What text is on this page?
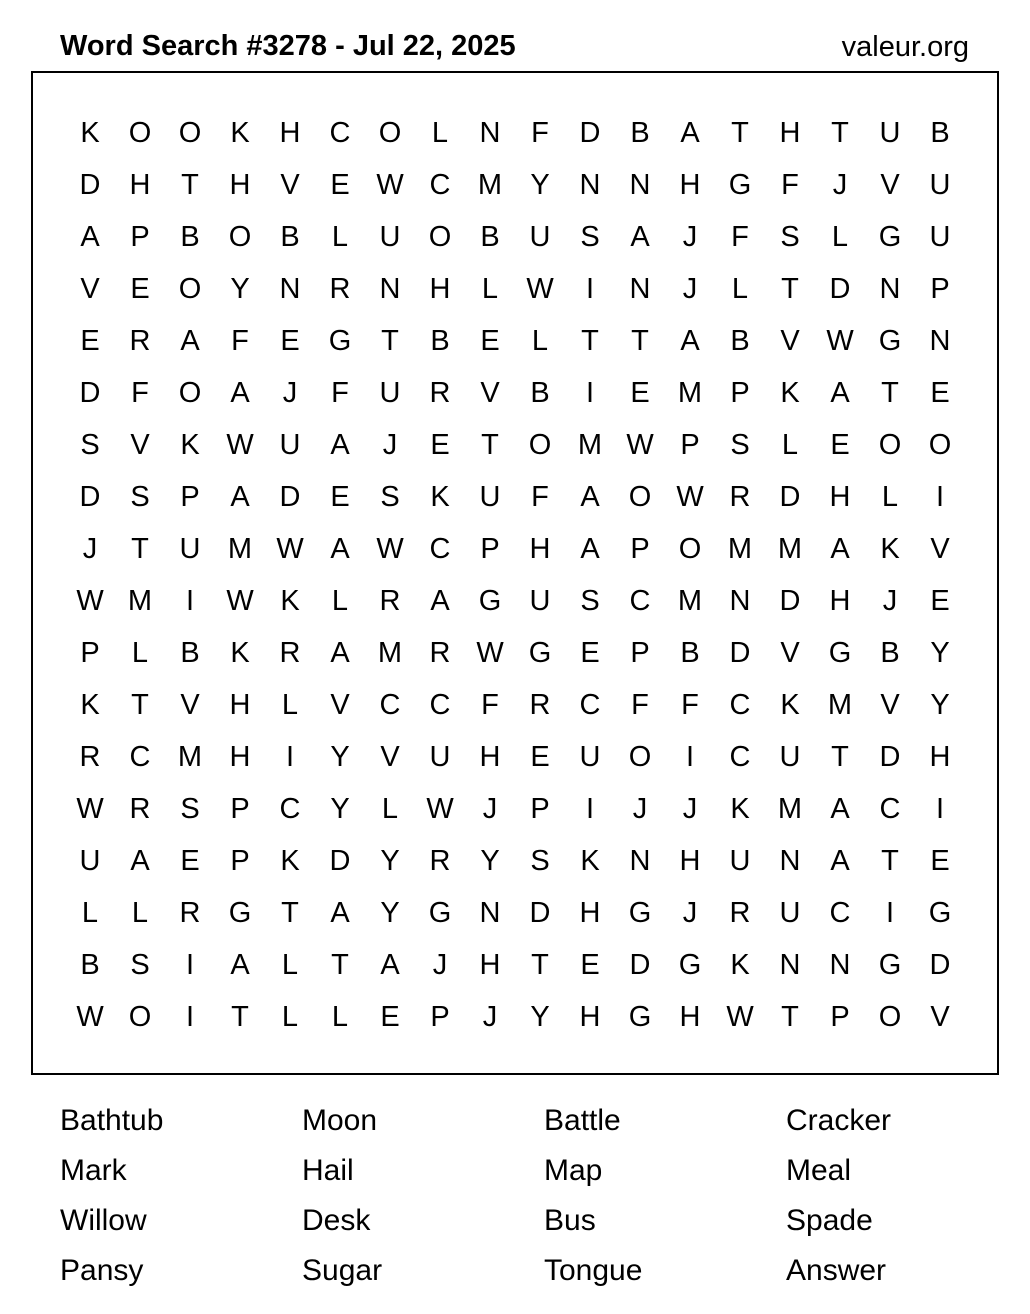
Word Search #3278 - Jul 22, 2025	valeur.org
K	O O	K	H	C O	L	N	F	D	B	A	T	H	T	U	B
D	H	T	H	V	E W C M Y	N	N	H G	F	J	V	U
A	P	B	O	B	L	U O	B	U	S	A	J	F	S	L	G U
V	E	O	Y	N	R	N	H	L W	I	N	J	L	T	D	N	P
E	R	A	F	E	G	T	B	E	L	T	T	A	B	V W G N
D	F	O	A	J	F	U	R	V	B	I	E M P	K	A	T	E
S	V	K W U	A	J	E	T	O M W P	S	L	E	O O
D	S	P	A	D	E	S	K	U	F	A	O W R	D	H	L	I
J	T	U M W A W C	P	H	A	P	O M M A	K	V
W M	I	W K	L	R	A	G U	S	C M N	D	H	J	E
P	L	B	K	R	A M R W G	E	P	B	D	V	G	B	Y
K	T	V	H	L	V	C	C	F	R	C	F	F	C	K M V	Y
R	C M H	I	Y	V	U	H	E	U O	I	C	U	T	D	H
W R	S	P	C	Y	L W	J	P	I	J	J	K M A	C	I
U	A	E	P	K	D	Y	R	Y	S	K	N	H	U	N	A	T	E
L	L	R G	T	A	Y	G N	D	H G	J	R	U	C	I	G
B	S	I	A	L	T	A	J	H	T	E	D G	K	N	N G D
W O	I	T	L	L	E	P	J	Y	H G H W T	P	O	V
Bathtub	Moon	Battle	Cracker
Mark	Hail	Map	Meal
Willow	Desk	Bus	Spade
Pansy	Sugar	Tongue	Answer
